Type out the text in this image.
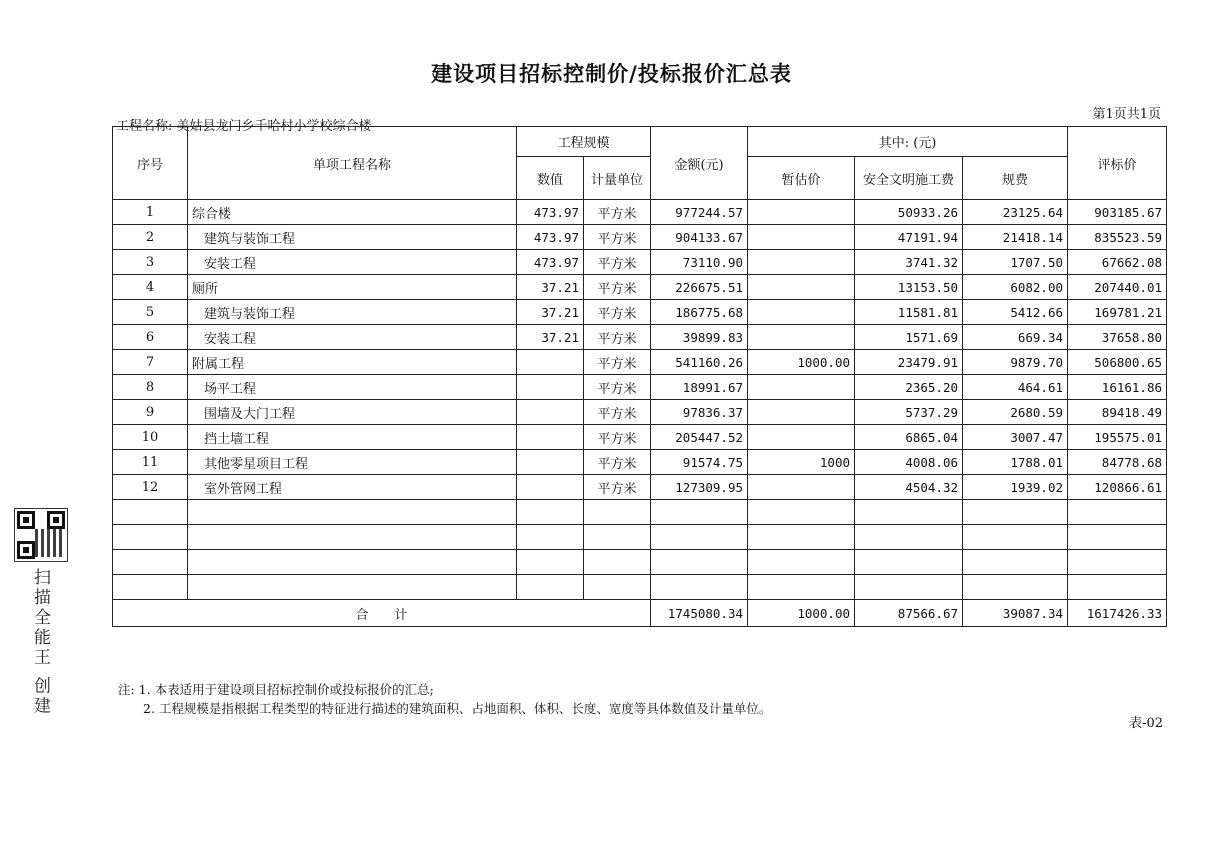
建设项目招标控制价/投标报价汇总表
工程名称: 美姑县龙门乡千哈村小学校综合楼
第1页共1页
序号	单项工程名称	工程规模		金额(元)	其中: (元)			评标价
		数值	计量单位		暂估价	安全文明施工费	规费	
1	综合楼	473.97	平方米	977244.57		50933.26	23125.64	903185.67
2	建筑与装饰工程	473.97	平方米	904133.67		47191.94	21418.14	835523.59
3	安装工程	473.97	平方米	73110.90		3741.32	1707.50	67662.08
4	厕所	37.21	平方米	226675.51		13153.50	6082.00	207440.01
5	建筑与装饰工程	37.21	平方米	186775.68		11581.81	5412.66	169781.21
6	安装工程	37.21	平方米	39899.83		1571.69	669.34	37658.80
7	附属工程		平方米	541160.26	1000.00	23479.91	9879.70	506800.65
8	场平工程		平方米	18991.67		2365.20	464.61	16161.86
9	围墙及大门工程		平方米	97836.37		5737.29	2680.59	89418.49
10	挡土墙工程		平方米	205447.52		6865.04	3007.47	195575.01
11	其他零星项目工程		平方米	91574.75	1000	4008.06	1788.01	84778.68
12	室外管网工程		平方米	127309.95		4504.32	1939.02	120866.61

合　　计				1745080.34	1000.00	87566.67	39087.34	1617426.33
注: 1. 本表适用于建设项目招标控制价或投标报价的汇总;
　　2. 工程规模是指根据工程类型的特征进行描述的建筑面积、占地面积、体积、长度、宽度等具体数值及计量单位。
表-02
扫描全能王 创建
